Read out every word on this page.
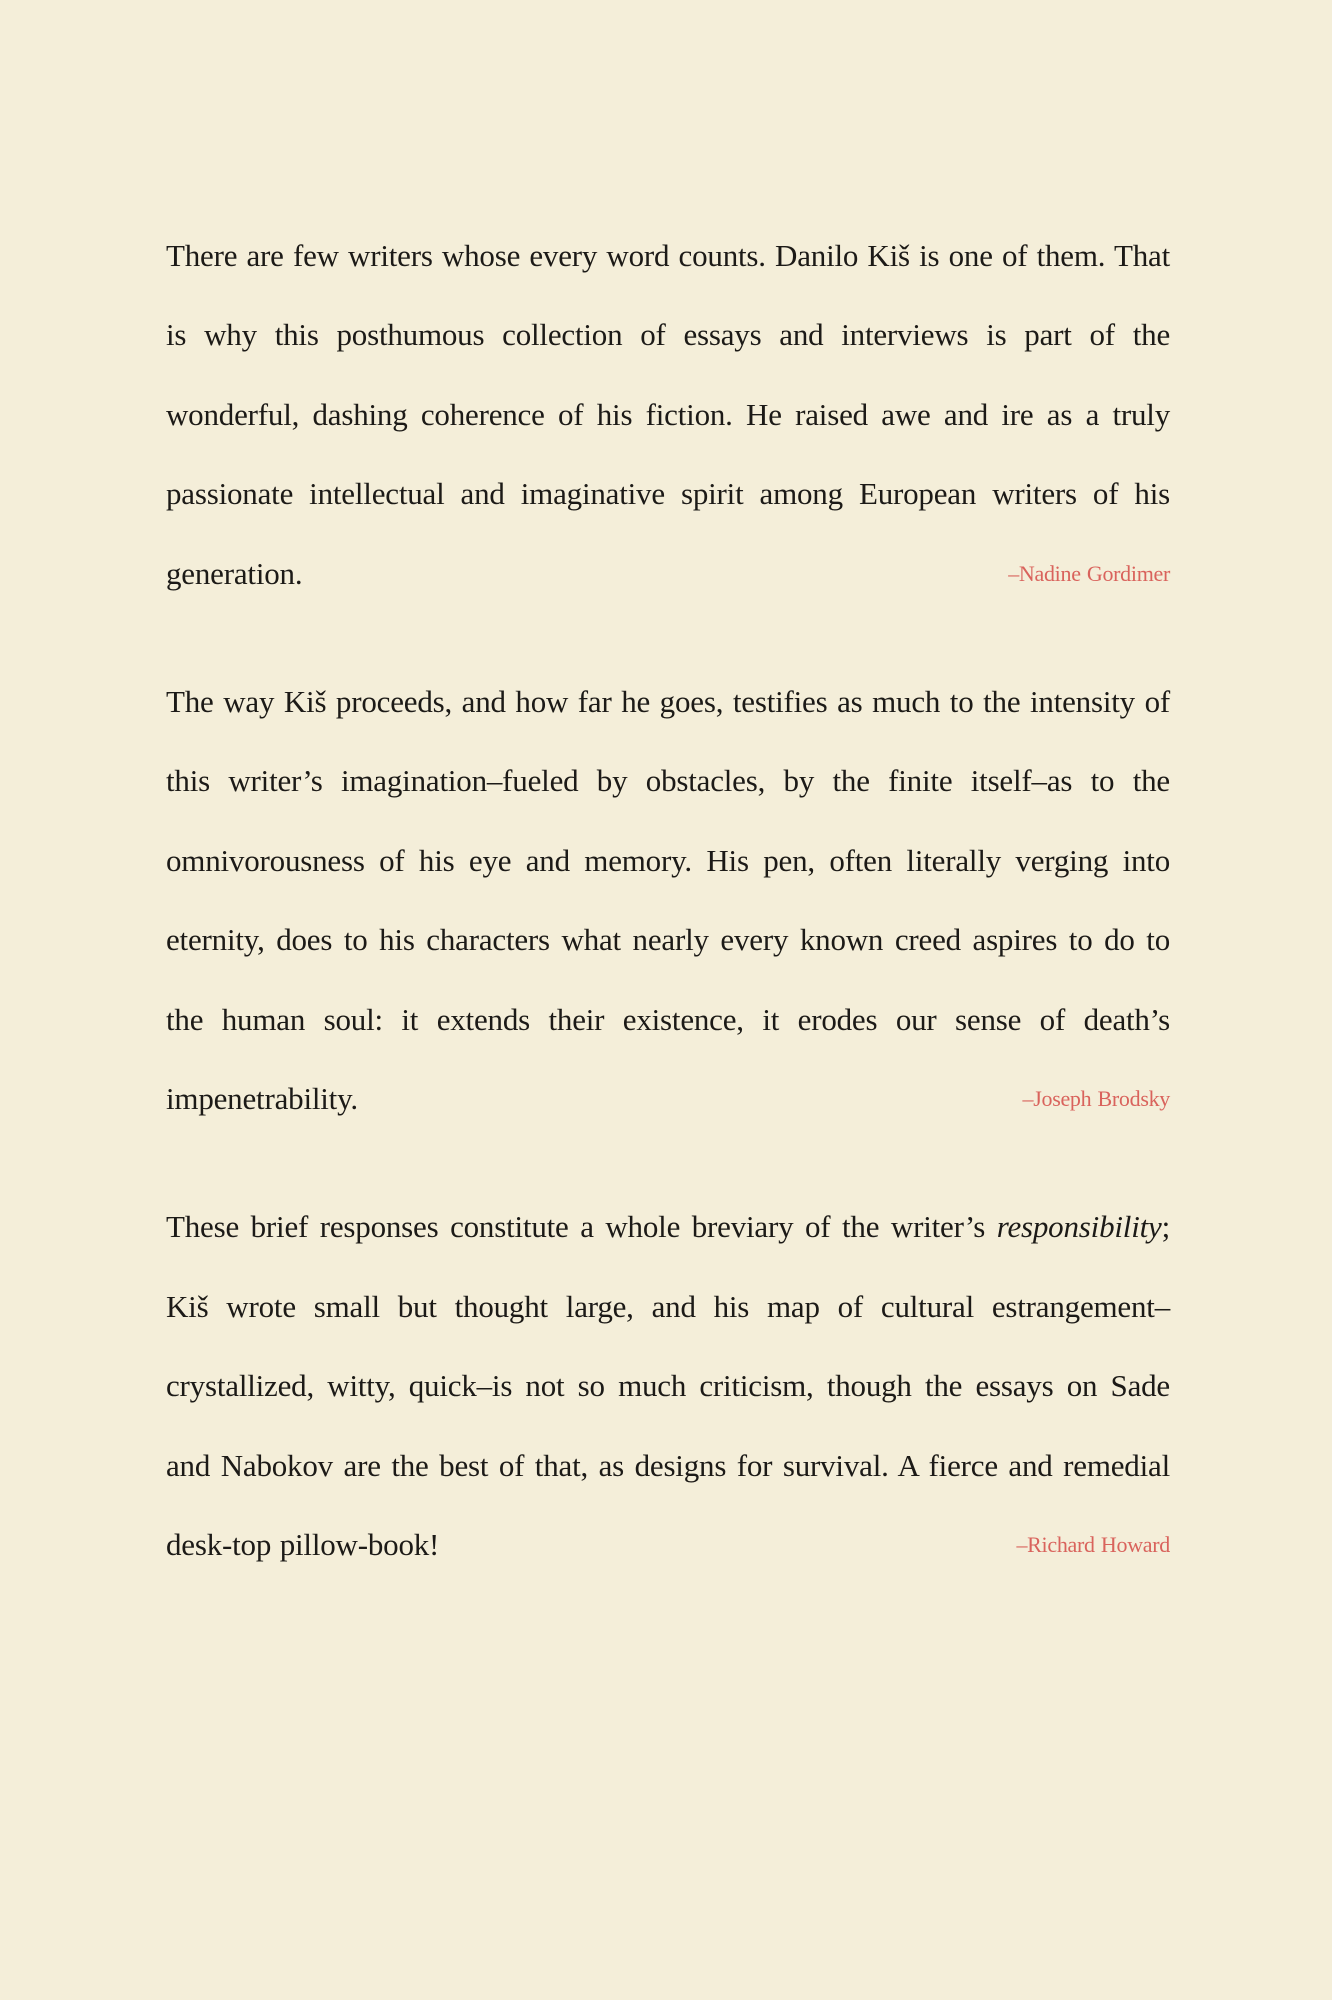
There are few writers whose every word counts. Danilo Kiš is one of them. That is why this posthumous collection of essays and interviews is part of the wonderful, dashing coherence of his fiction. He raised awe and ire as a truly passionate intellectual and imaginative spirit among European writers of his generation.	–Nadine Gordimer

The way Kiš proceeds, and how far he goes, testifies as much to the intensity of this writer’s imagination–fueled by obstacles, by the finite itself–as to the omnivorousness of his eye and memory. His pen, often literally verging into eternity, does to his characters what nearly every known creed aspires to do to the human soul: it extends their existence, it erodes our sense of death’s impenetrability.	–Joseph Brodsky

These brief responses constitute a whole breviary of the writer’s responsibility; Kiš wrote small but thought large, and his map of cultural estrangement–crystallized, witty, quick–is not so much criticism, though the essays on Sade and Nabokov are the best of that, as designs for survival. A fierce and remedial desk-top pillow-book!	–Richard Howard
